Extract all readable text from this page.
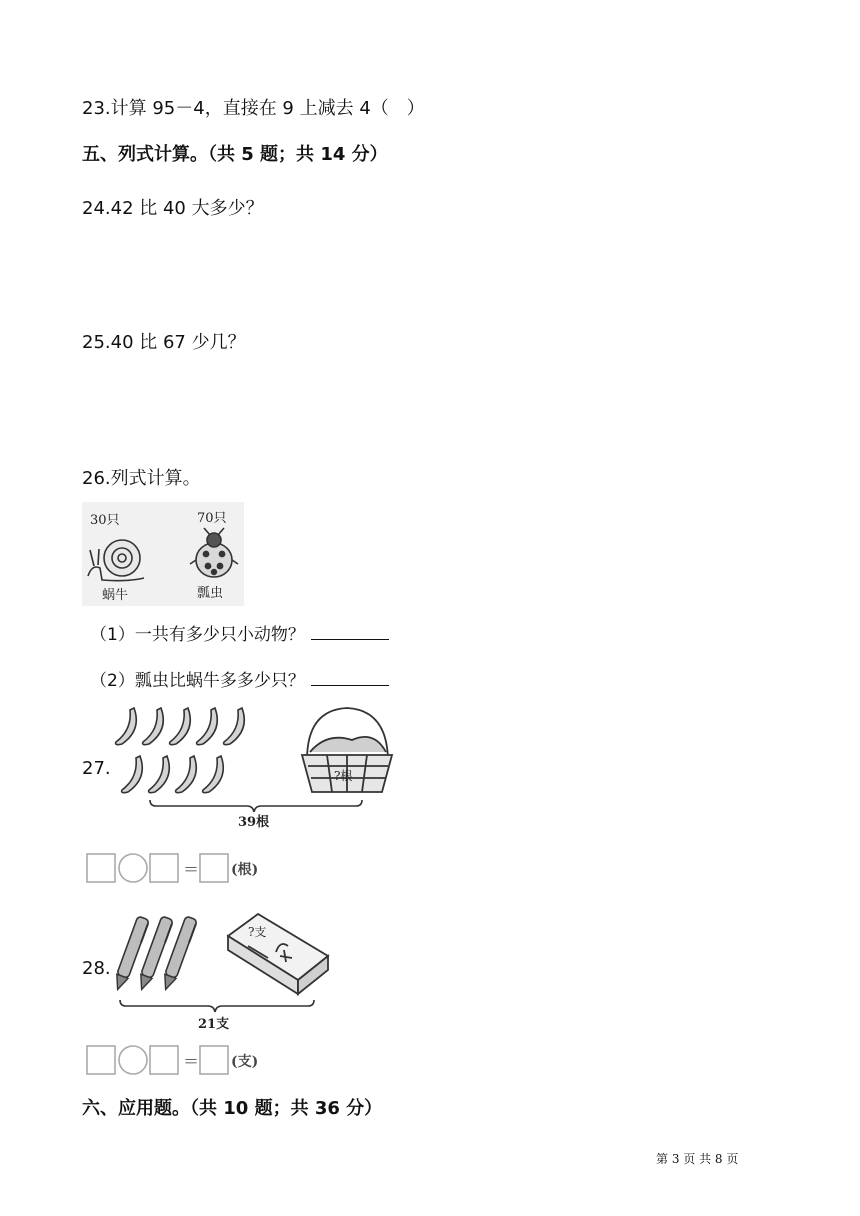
23.计算 95－4，直接在 9 上减去 4（　）
五、列式计算。（共 5 题；共 14 分）
24.42 比 40 大多少？
25.40 比 67 少几？
26.列式计算。
30只	70只
蜗牛	瓢虫
（1）一共有多少只小动物？
（2）瓢虫比蜗牛多多少只？
27.	?根
39根
＝ (根)
28.
?支
21支
＝ (支)
六、应用题。（共 10 题；共 36 分）
第 3 页 共 8 页
